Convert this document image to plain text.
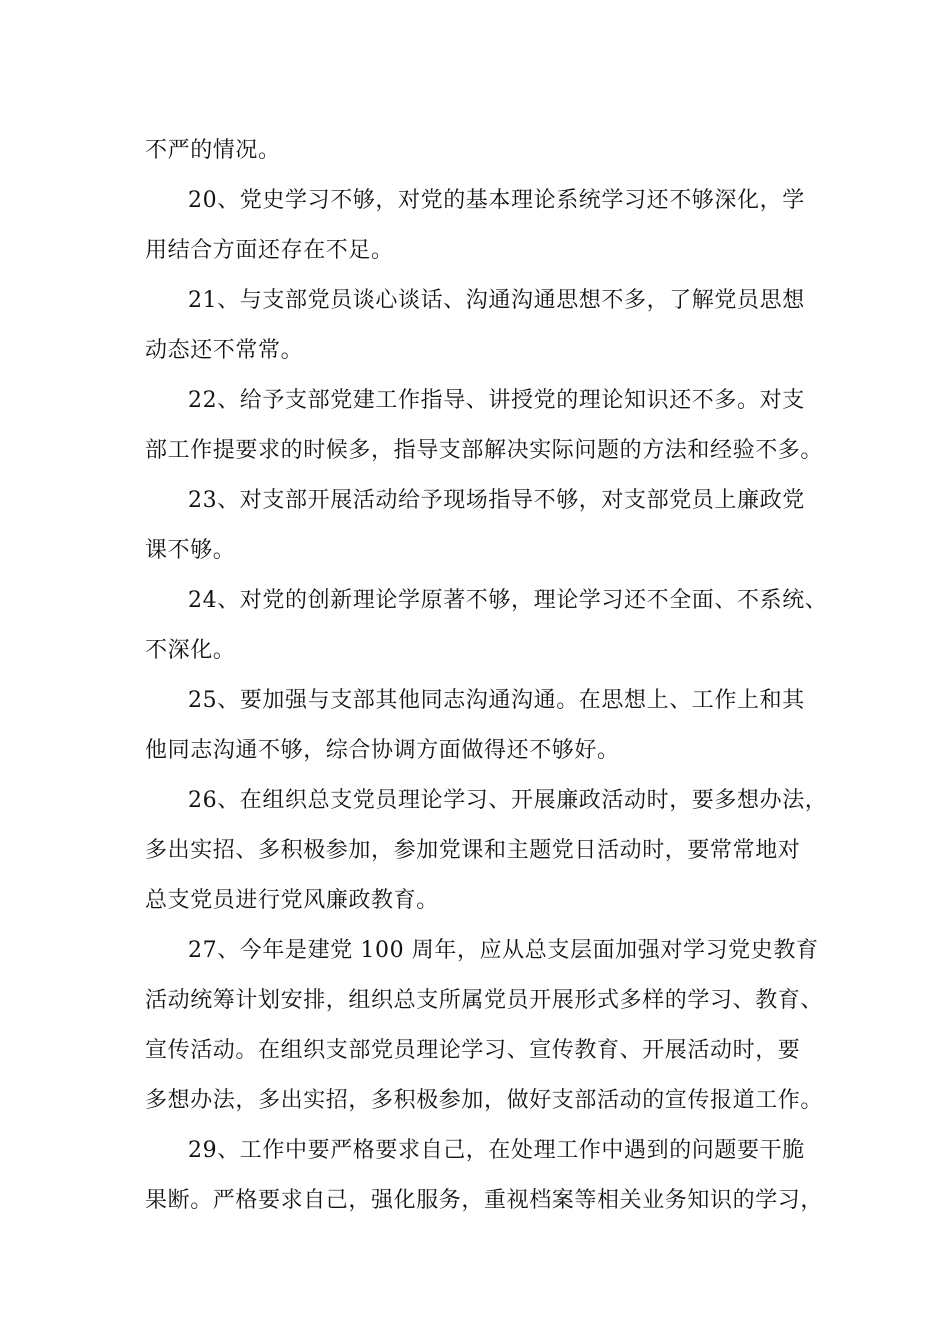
不严的情况。
20、党史学习不够，对党的基本理论系统学习还不够深化，学
用结合方面还存在不足。
21、与支部党员谈心谈话、沟通沟通思想不多，了解党员思想
动态还不常常。
22、给予支部党建工作指导、讲授党的理论知识还不多。对支
部工作提要求的时候多，指导支部解决实际问题的方法和经验不多。
23、对支部开展活动给予现场指导不够，对支部党员上廉政党
课不够。
24、对党的创新理论学原著不够，理论学习还不全面、不系统、
不深化。
25、要加强与支部其他同志沟通沟通。在思想上、工作上和其
他同志沟通不够，综合协调方面做得还不够好。
26、在组织总支党员理论学习、开展廉政活动时，要多想办法，
多出实招、多积极参加，参加党课和主题党日活动时，要常常地对
总支党员进行党风廉政教育。
27、今年是建党 100 周年，应从总支层面加强对学习党史教育
活动统筹计划安排，组织总支所属党员开展形式多样的学习、教育、
宣传活动。在组织支部党员理论学习、宣传教育、开展活动时，要
多想办法，多出实招，多积极参加，做好支部活动的宣传报道工作。
29、工作中要严格要求自己，在处理工作中遇到的问题要干脆
果断。严格要求自己，强化服务，重视档案等相关业务知识的学习，
